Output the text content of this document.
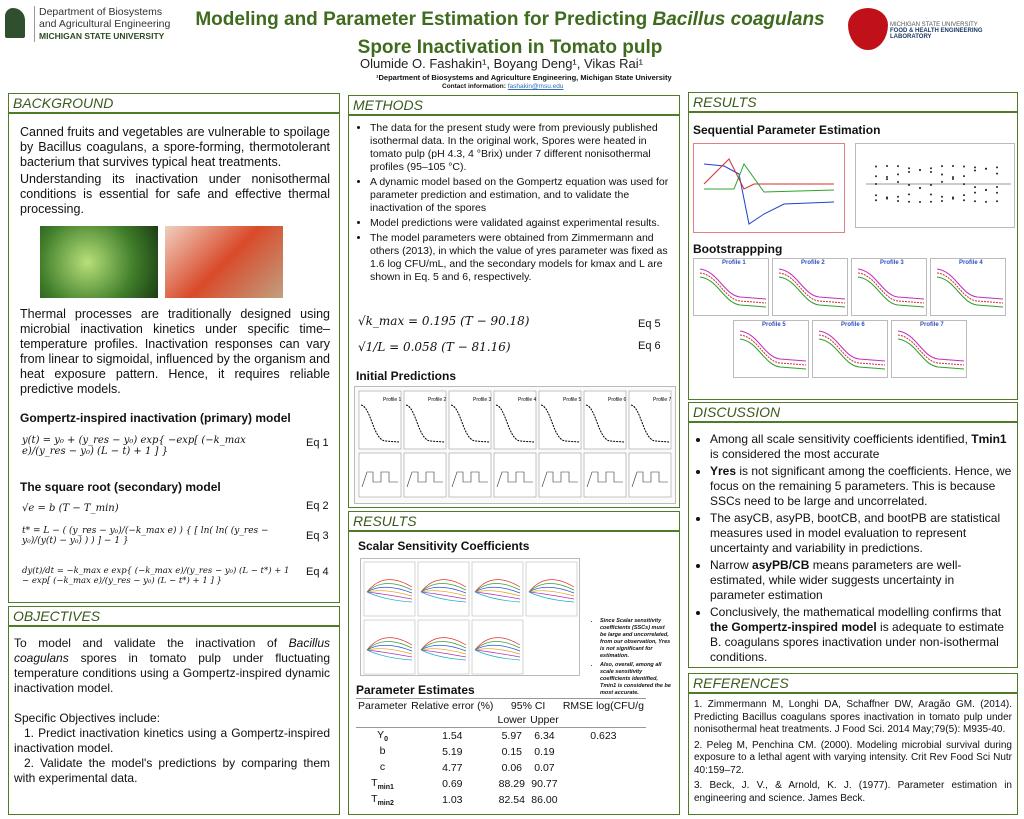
Department of Biosystems
and Agricultural Engineering
MICHIGAN STATE UNIVERSITY
Modeling and Parameter Estimation for Predicting Bacillus coagulans
Spore Inactivation in Tomato pulp
Olumide O. Fashakin¹, Boyang Deng¹, Vikas Rai¹
¹Department of Biosystems and Agriculture Engineering, Michigan State University
Contact information: fashakin@msu.edu
MICHIGAN STATE UNIVERSITY
FOOD & HEALTH ENGINEERING LABORATORY
BACKGROUND

Canned fruits and vegetables are vulnerable to spoilage by Bacillus coagulans, a spore-forming, thermotolerant bacterium that survives typical heat treatments.

Understanding its inactivation under nonisothermal conditions is essential for safe and effective thermal processing.

Thermal processes are traditionally designed using microbial inactivation kinetics under specific time–temperature profiles. Inactivation responses can vary from linear to sigmoidal, influenced by the organism and heat exposure pattern. Hence, it requires reliable predictive models.

Gompertz-inspired inactivation (primary) model
y(t) = y₀ + (y_res − y₀) exp{ −exp[ (−k_max e)/(y_res − y₀) (L − t) + 1 ] }
Eq 1
The square root (secondary) model
√e = b (T − T_min)	Eq 2
t* = L − ( (y_res − y₀)/(−k_max e) ) { [ ln( ln( (y_res − y₀)/(y(t) − y₀) ) ) ] − 1 }	Eq 3
dy(t)/dt = −k_max e exp{ (−k_max e)/(y_res − y₀) (L − t*) + 1 − exp[ (−k_max e)/(y_res − y₀) (L − t*) + 1 ] }
Eq 4
OBJECTIVES

To model and validate the inactivation of Bacillus coagulans spores in tomato pulp under fluctuating temperature conditions using a Gompertz-inspired dynamic inactivation model.

Specific Objectives include:

1. Predict inactivation kinetics using a Gompertz-inspired inactivation model.

2. Validate the model's predictions by comparing them with experimental data.

METHODS
• The data for the present study were from previously published isothermal data. In the original work, Spores were heated in tomato pulp (pH 4.3, 4 °Brix) under 7 different nonisothermal profiles (95–105 °C).
• A dynamic model based on the Gompertz equation was used for parameter prediction and estimation, and to validate the inactivation of the spores
• Model predictions were validated against experimental results.
• The model parameters were obtained from Zimmermann and others (2013), in which the value of yres parameter was fixed as 1.6 log CFU/mL, and the secondary models for kmax and L are shown in Eq. 5 and 6, respectively.
√k_max = 0.195 (T − 90.18)	Eq 5
√1/L = 0.058 (T − 81.16)	Eq 6
Initial Predictions
Profile 1	Profile 2	Profile 3	Profile 4	Profile 5	Profile 6	Profile 7
RESULTS
Scalar Sensitivity Coefficients
• Since Scalar sensitivity coefficients (SSCs) must be large and uncorrelated, from our observation, Yres is not significant for estimation.
• Also, overall, among all scale sensitivity coefficients identified, Tmin1 is considered the be most accurate.
Parameter Estimates
Parameter	Relative error (%)	95% CI		RMSE log(CFU/g
		Lower	Upper	
$Y_0$	1.54	5.97	6.34	0.623
b	5.19	0.15	0.19	
c	4.77	0.06	0.07	
$T_{min1}$	0.69	88.29	90.77	
$T_{min2}$	1.03	82.54	86.00	
RESULTS
Sequential Parameter Estimation
Bootstrappping
Profile 1	Profile 2	Profile 3	Profile 4
Profile 5	Profile 6	Profile 7
DISCUSSION
• Among all scale sensitivity coefficients identified, Tmin1 is considered the most accurate
• Yres is not significant among the coefficients. Hence, we focus on the remaining 5 parameters. This is because SSCs need to be large and uncorrelated.
• The asyCB, asyPB, bootCB, and bootPB are statistical measures used in model evaluation to represent uncertainty and variability in predictions.
• Narrow asyPB/CB means parameters are well-estimated, while wider suggests uncertainty in parameter estimation
• Conclusively, the mathematical modelling confirms that the Gompertz-inspired model is adequate to estimate B. coagulans spores inactivation under non-isothermal conditions.
REFERENCES

1. Zimmermann M, Longhi DA, Schaffner DW, Aragão GM. (2014). Predicting Bacillus coagulans spores inactivation in tomato pulp under nonisothermal heat treatments. J Food Sci. 2014 May;79(5): M935-40.

2. Peleg M, Penchina CM. (2000). Modeling microbial survival during exposure to a lethal agent with varying intensity. Crit Rev Food Sci Nutr 40:159–72.

3. Beck, J. V., & Arnold, K. J. (1977). Parameter estimation in engineering and science. James Beck.
